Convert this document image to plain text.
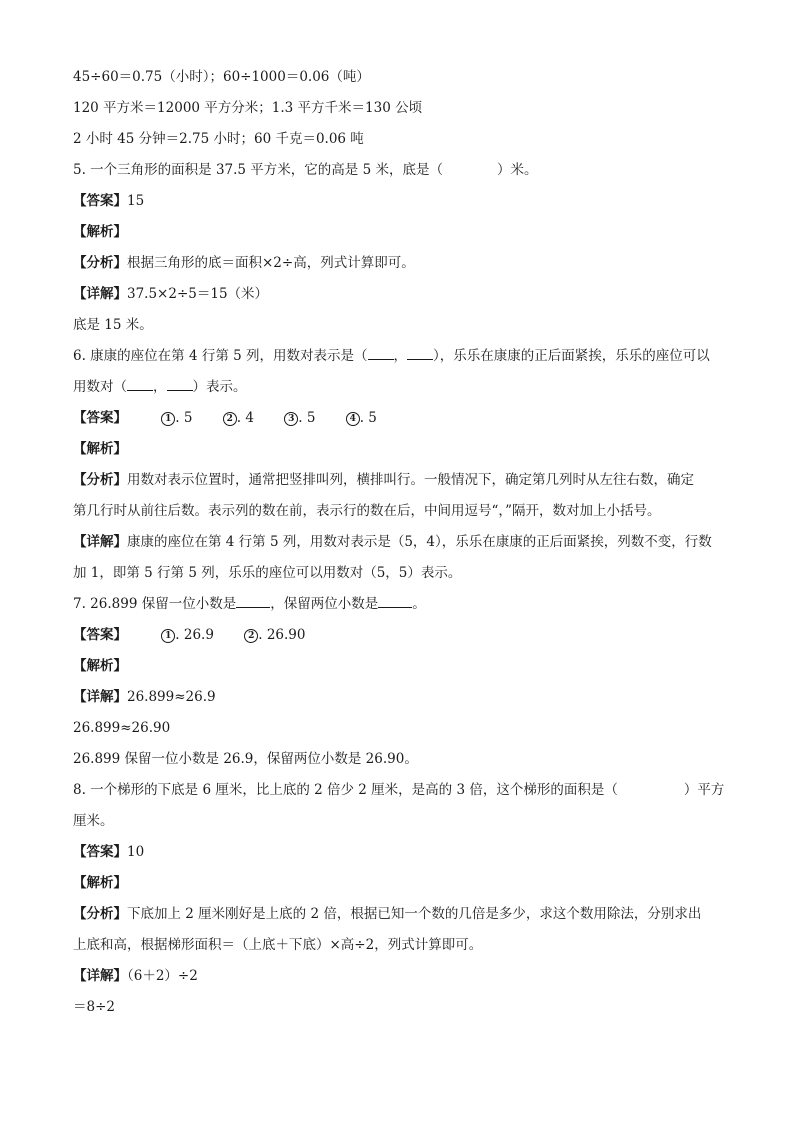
45÷60＝0.75（小时）；60÷1000＝0.06（吨）
120 平方米＝12000 平方分米；1.3 平方千米＝130 公顷
2 小时 45 分钟＝2.75 小时；60 千克＝0.06 吨
5. 一个三角形的面积是 37.5 平方米，它的高是 5 米，底是（	）米。
【答案】15
【解析】
【分析】根据三角形的底＝面积×2÷高，列式计算即可。
【详解】37.5×2÷5＝15（米）
底是 15 米。
6. 康康的座位在第 4 行第 5 列，用数对表示是（ ， ），乐乐在康康的正后面紧挨，乐乐的座位可以
用数对（ ， ）表示。
【答案】	1 . 5	2 . 4	3 . 5	4 . 5
【解析】
【分析】用数对表示位置时，通常把竖排叫列，横排叫行。一般情况下，确定第几列时从左往右数，确定
第几行时从前往后数。表示列的数在前，表示行的数在后，中间用逗号“，”隔开，数对加上小括号。
【详解】康康的座位在第 4 行第 5 列，用数对表示是（5，4），乐乐在康康的正后面紧挨，列数不变，行数
加 1，即第 5 行第 5 列，乐乐的座位可以用数对（5，5）表示。
7. 26.899 保留一位小数是	，保留两位小数是	。
【答案】	1 . 26.9	2 . 26.90
【解析】
【详解】26.899≈26.9
26.899≈26.90
26.899 保留一位小数是 26.9，保留两位小数是 26.90。
8. 一个梯形的下底是 6 厘米，比上底的 2 倍少 2 厘米，是高的 3 倍，这个梯形的面积是（	）平方
厘米。
【答案】10
【解析】
【分析】下底加上 2 厘米刚好是上底的 2 倍，根据已知一个数的几倍是多少，求这个数用除法，分别求出
上底和高，根据梯形面积＝（上底＋下底）×高÷2，列式计算即可。
【详解】（6＋2）÷2
＝8÷2
